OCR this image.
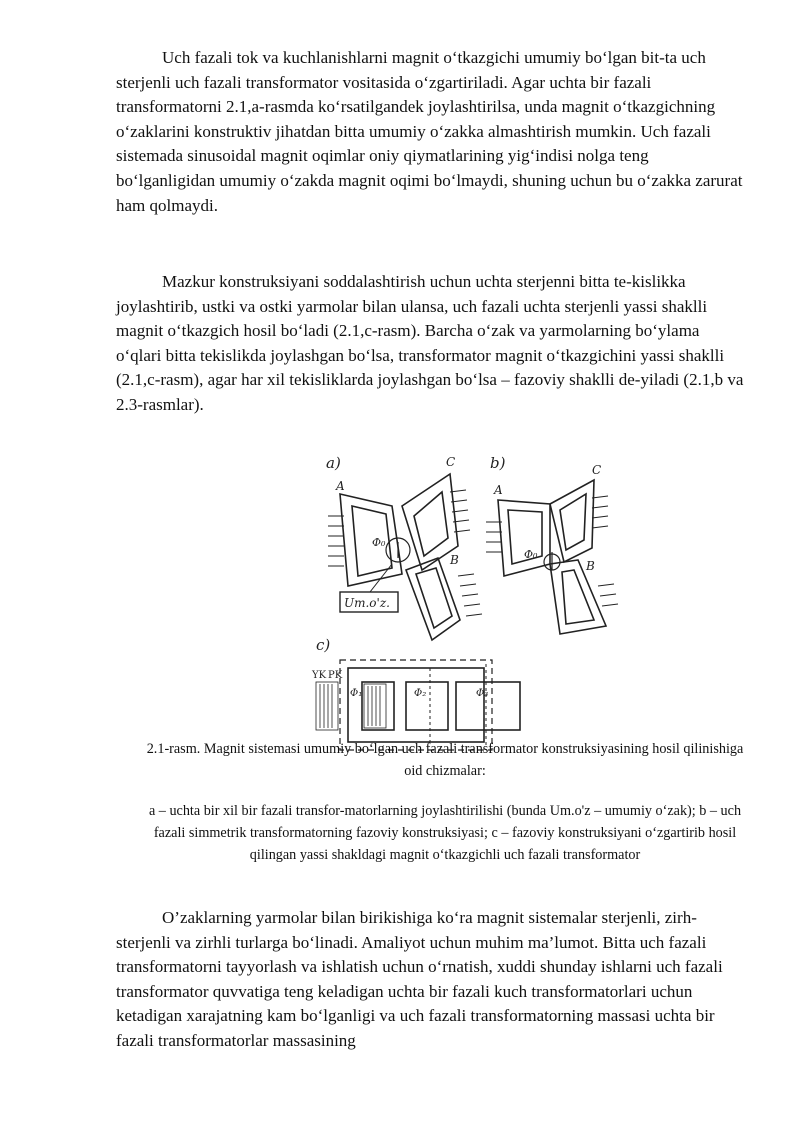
Uch fazali tok va kuchlanishlarni magnit o‘tkazgichi umumiy bo‘lgan bit-ta uch sterjenli uch fazali transformator vositasida o‘zgartiriladi. Agar uchta bir fazali transformatorni 2.1,a-rasmda ko‘rsatilgandek joylashtirilsa, unda magnit o‘tkazgichning o‘zaklarini konstruktiv jihatdan bitta umumiy o‘zakka almashtirish mumkin. Uch fazali sistemada sinusoidal magnit oqimlar oniy qiymatlarining yig‘indisi nolga teng bo‘lganligidan umumiy o‘zakda magnit oqimi bo‘lmaydi, shuning uchun bu o‘zakka zarurat ham qolmaydi.

Mazkur konstruksiyani soddalashtirish uchun uchta sterjenni bitta te-kislikka joylashtirib, ustki va ostki yarmolar bilan ulansa, uch fazali uchta sterjenli yassi shaklli magnit o‘tkazgich hosil bo‘ladi (2.1,c-rasm). Barcha o‘zak va yarmolarning bo‘ylama o‘qlari bitta tekislikda joylashgan bo‘lsa, transformator magnit o‘tkazgichini yassi shaklli (2.1,c-rasm), agar har xil tekisliklarda joylashgan bo‘lsa – fazoviy shaklli de-yiladi (2.1,b va 2.3-rasmlar).

a)
A
C
B
Φ₀
Um.o'z.
b)
A
C
B
Φ₀
c)
YK PK
Φ₁	Φ₂	Φ₃

2.1-rasm. Magnit sistemasi umumiy bo‘lgan uch fazali transformator konstruksiyasining hosil qilinishiga oid chizmalar:

a – uchta bir xil bir fazali transfor-matorlarning joylashtirilishi (bunda Um.o'z – umumiy o‘zak); b – uch fazali simmetrik transformatorning fazoviy konstruksiyasi; c – fazoviy konstruksiyani o‘zgartirib hosil qilingan yassi shakldagi magnit o‘tkazgichli uch fazali transformator

O’zaklarning yarmolar bilan birikishiga ko‘ra magnit sistemalar sterjenli, zirh-sterjenli va zirhli turlarga bo‘linadi. Amaliyot uchun muhim ma’lumot. Bitta uch fazali transformatorni tayyorlash va ishlatish uchun o‘rnatish, xuddi shunday ishlarni uch fazali transformator quvvatiga teng keladigan uchta bir fazali kuch transformatorlari uchun ketadigan xarajatning kam bo‘lganligi va uch fazali transformatorning massasi uchta bir fazali transformatorlar massasining
